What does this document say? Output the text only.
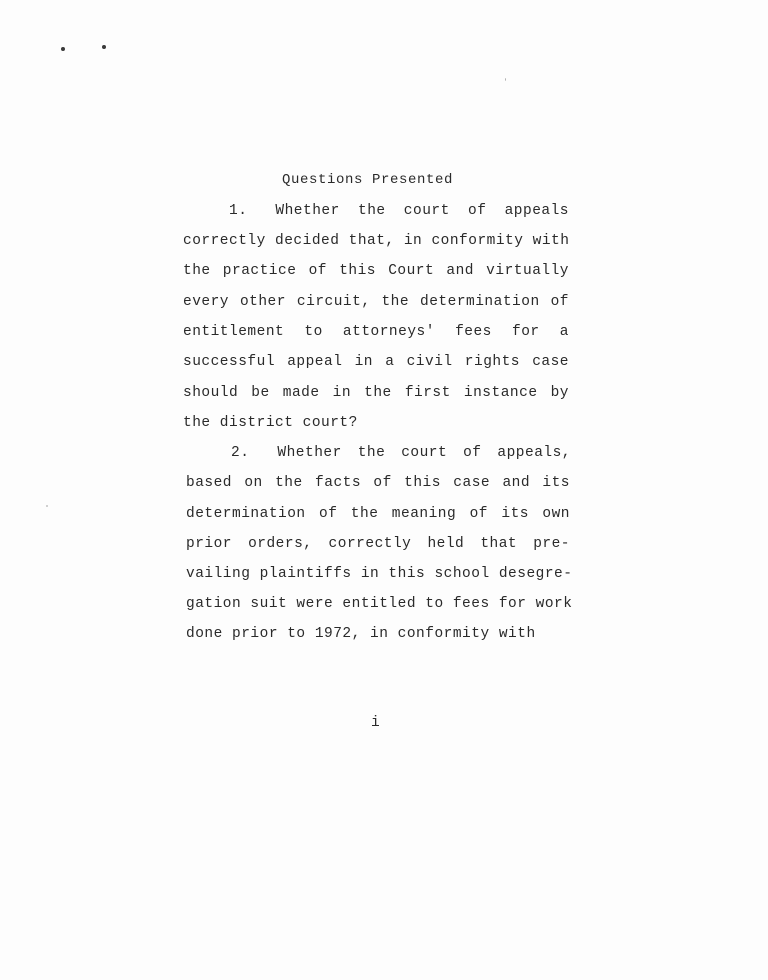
Questions Presented
1. Whether the court of appeals
correctly decided that, in conformity with
the practice of this Court and virtually
every other circuit, the determination of
entitlement to attorneys' fees for a
successful appeal in a civil rights case
should be made in the first instance by
the district court?
2. Whether the court of appeals,
based on the facts of this case and its
determination of the meaning of its own
prior orders, correctly held that pre-
vailing plaintiffs in this school desegre-
gation suit were entitled to fees for work
done prior to 1972, in conformity with
i
